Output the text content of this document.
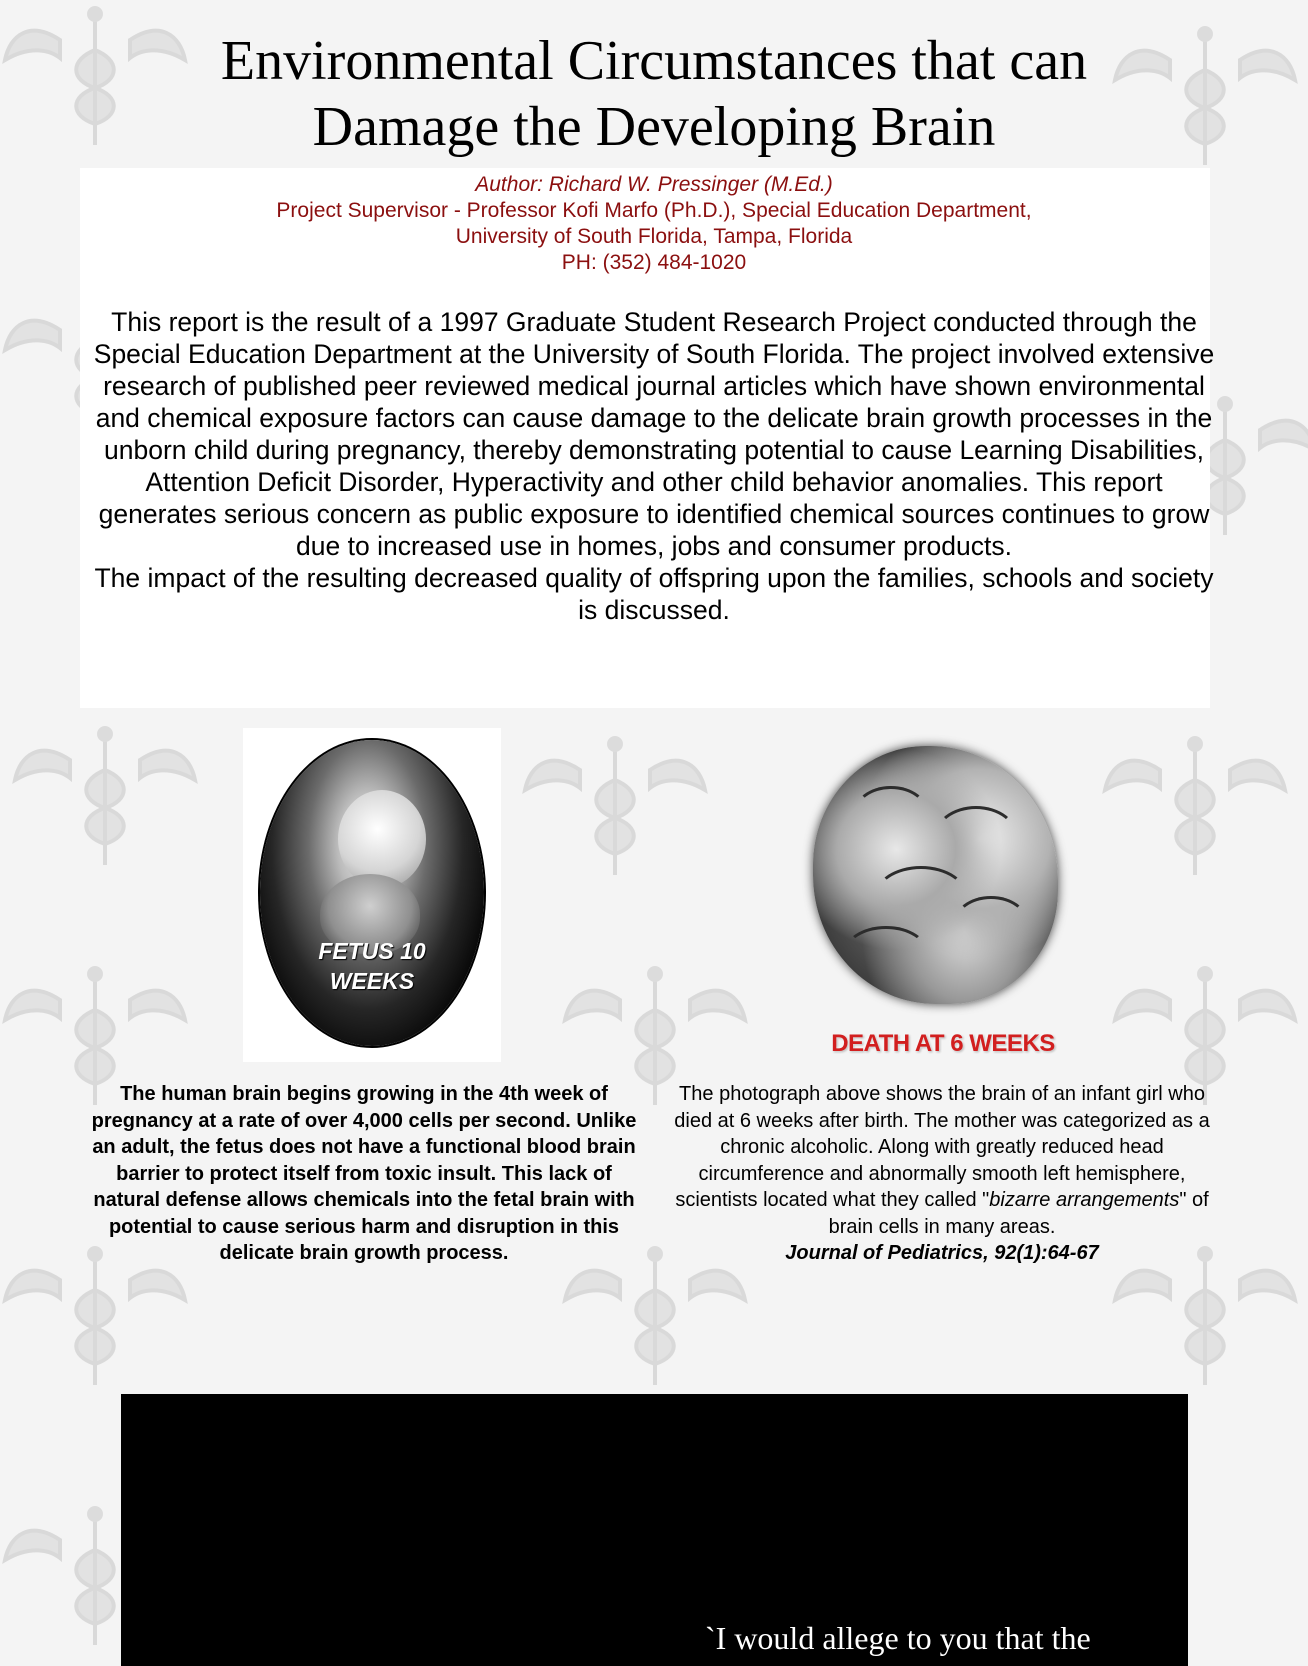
Environmental Circumstances that can
Damage the Developing Brain
Author: Richard W. Pressinger (M.Ed.)
Project Supervisor - Professor Kofi Marfo (Ph.D.), Special Education Department,
University of South Florida, Tampa, Florida
PH: (352) 484-1020

This report is the result of a 1997 Graduate Student Research Project conducted through the Special Education Department at the University of South Florida. The project involved extensive research of published peer reviewed medical journal articles which have shown environmental and chemical exposure factors can cause damage to the delicate brain growth processes in the unborn child during pregnancy, thereby demonstrating potential to cause Learning Disabilities, Attention Deficit Disorder, Hyperactivity and other child behavior anomalies. This report generates serious concern as public exposure to identified chemical sources continues to grow due to increased use in homes, jobs and consumer products.

The impact of the resulting decreased quality of offspring upon the families, schools and society is discussed.

FETUS 10
WEEKS
DEATH AT 6 WEEKS

The human brain begins growing in the 4th week of pregnancy at a rate of over 4,000 cells per second. Unlike an adult, the fetus does not have a functional blood brain barrier to protect itself from toxic insult. This lack of natural defense allows chemicals into the fetal brain with potential to cause serious harm and disruption in this delicate brain growth process.

The photograph above shows the brain of an infant girl who died at 6 weeks after birth. The mother was categorized as a chronic alcoholic. Along with greatly reduced head circumference and abnormally smooth left hemisphere, scientists located what they called "bizarre arrangements" of brain cells in many areas.

Journal of Pediatrics, 92(1):64-67

`I would allege to you that the
